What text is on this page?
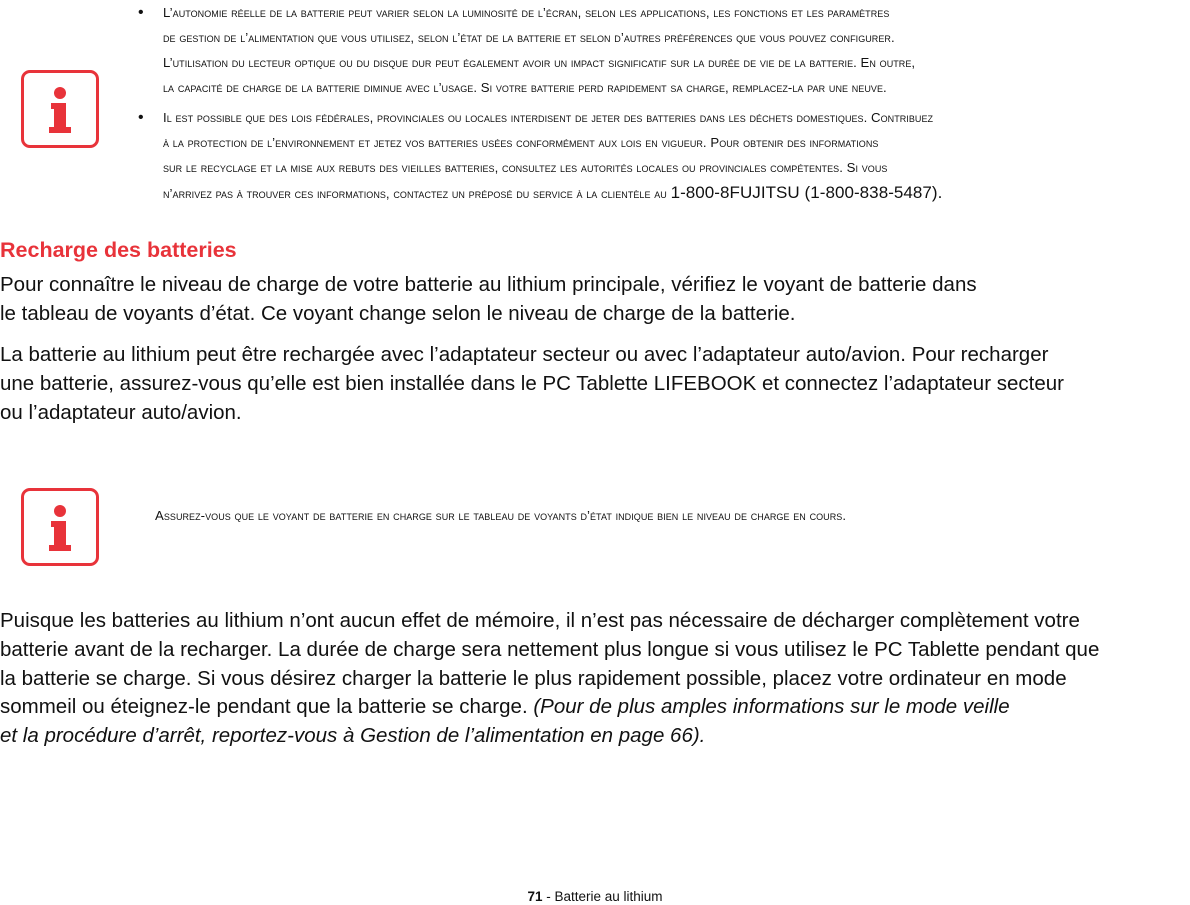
• L’autonomie réelle de la batterie peut varier selon la luminosité de l’écran, selon les applications, les fonctions et les paramètres
de gestion de l’alimentation que vous utilisez, selon l’état de la batterie et selon d’autres préférences que vous pouvez configurer.
L’utilisation du lecteur optique ou du disque dur peut également avoir un impact significatif sur la durée de vie de la batterie. En outre,
la capacité de charge de la batterie diminue avec l’usage. Si votre batterie perd rapidement sa charge, remplacez-la par une neuve.

• Il est possible que des lois fédérales, provinciales ou locales interdisent de jeter des batteries dans les déchets domestiques. Contribuez
à la protection de l’environnement et jetez vos batteries usées conformément aux lois en vigueur. Pour obtenir des informations
sur le recyclage et la mise aux rebuts des vieilles batteries, consultez les autorités locales ou provinciales compétentes. Si vous
n’arrivez pas à trouver ces informations, contactez un préposé du service à la clientèle au 1-800-8FUJITSU (1-800-838-5487).

Recharge des batteries

Pour connaître le niveau de charge de votre batterie au lithium principale, vérifiez le voyant de batterie dans
le tableau de voyants d’état. Ce voyant change selon le niveau de charge de la batterie.

La batterie au lithium peut être rechargée avec l’adaptateur secteur ou avec l’adaptateur auto/avion. Pour recharger
une batterie, assurez-vous qu’elle est bien installée dans le PC Tablette LIFEBOOK et connectez l’adaptateur secteur
ou l’adaptateur auto/avion.

Assurez-vous que le voyant de batterie en charge sur le tableau de voyants d’état indique bien le niveau de charge en cours.

Puisque les batteries au lithium n’ont aucun effet de mémoire, il n’est pas nécessaire de décharger complètement votre
batterie avant de la recharger. La durée de charge sera nettement plus longue si vous utilisez le PC Tablette pendant que
la batterie se charge. Si vous désirez charger la batterie le plus rapidement possible, placez votre ordinateur en mode
sommeil ou éteignez-le pendant que la batterie se charge. (Pour de plus amples informations sur le mode veille
et la procédure d’arrêt, reportez-vous à Gestion de l’alimentation en page 66).

71 - Batterie au lithium
